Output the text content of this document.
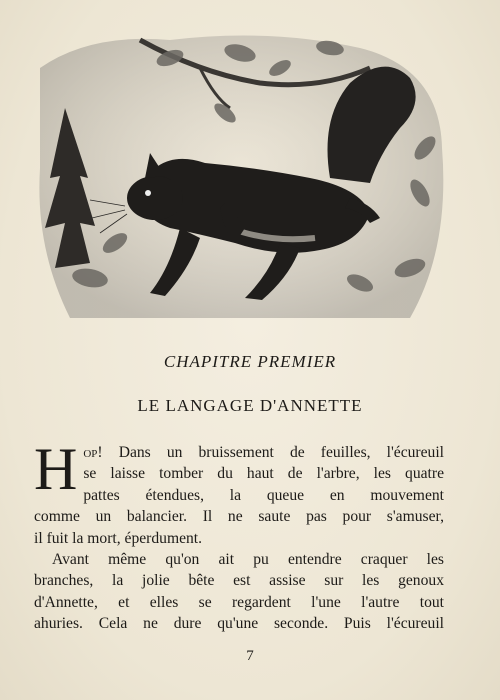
CHAPITRE PREMIER
LE LANGAGE D'ANNETTE
H op! Dans un bruissement de feuilles, l'écureuil
se laisse tomber du haut de l'arbre, les quatre
pattes étendues, la queue en mouvement
comme un balancier. Il ne saute pas pour s'amuser,
il fuit la mort, éperdument.
Avant même qu'on ait pu entendre craquer les
branches, la jolie bête est assise sur les genoux
d'Annette, et elles se regardent l'une l'autre tout
ahuries. Cela ne dure qu'une seconde. Puis l'écureuil
7
